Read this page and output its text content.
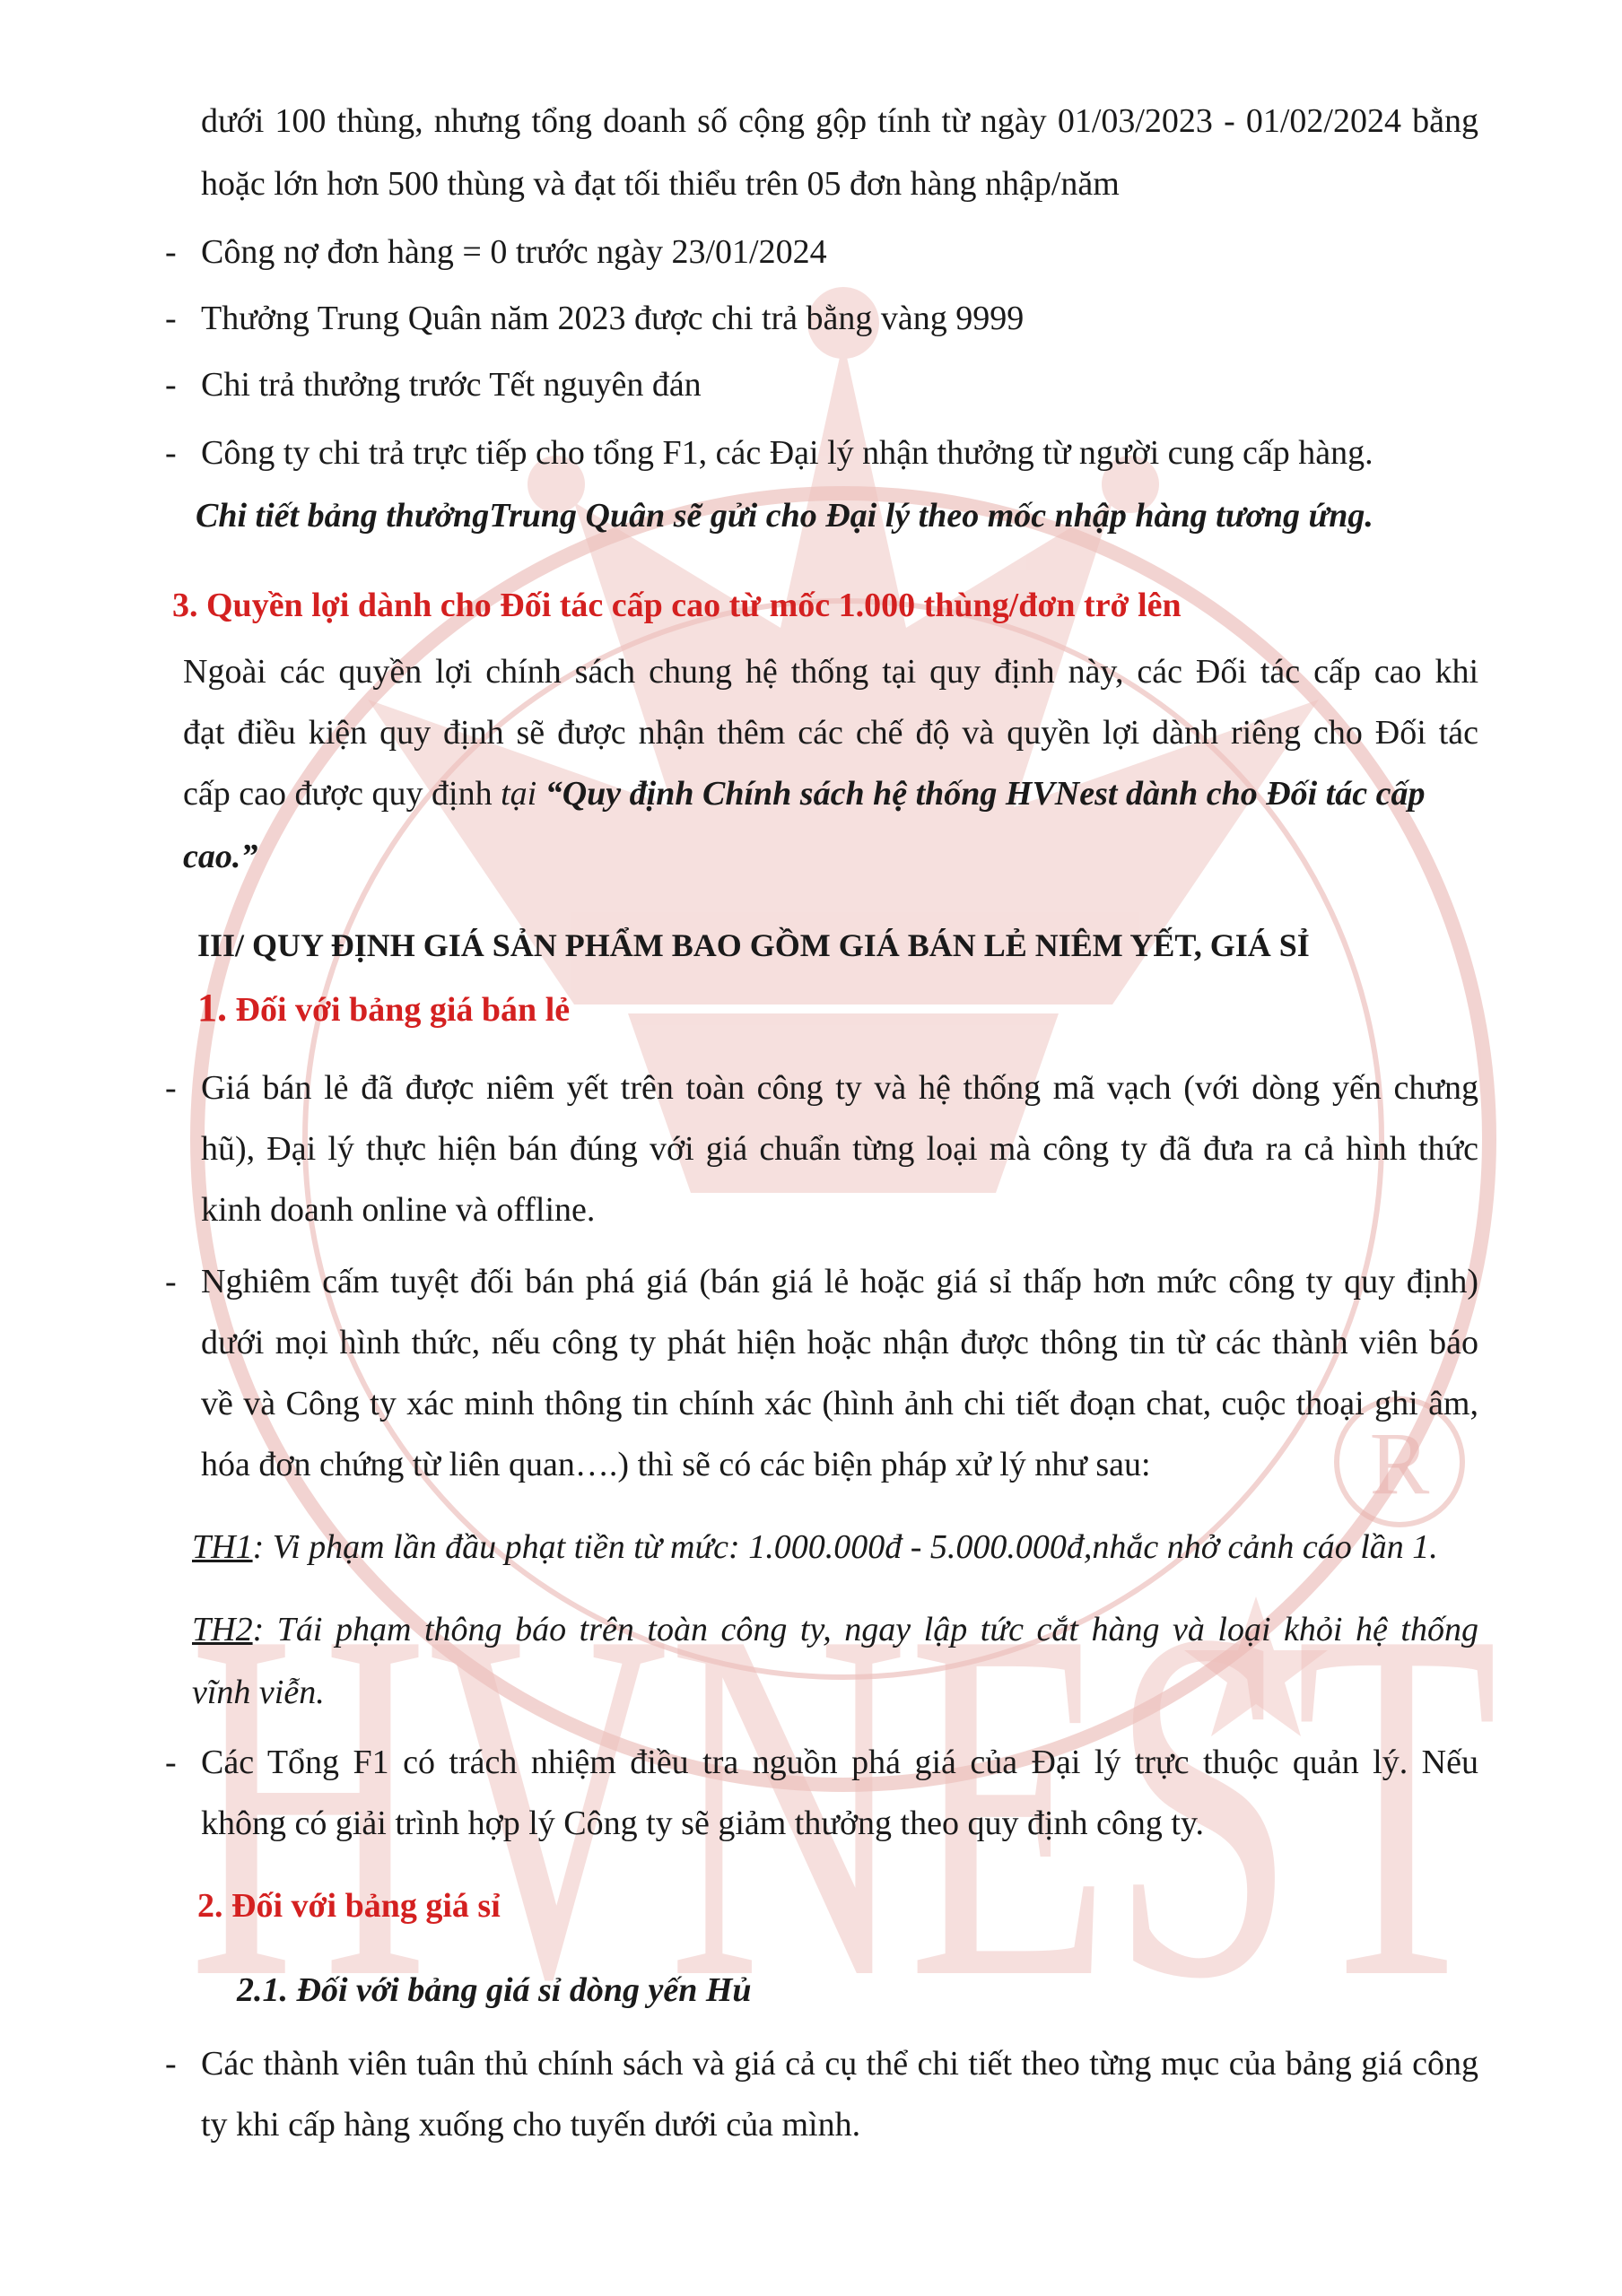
R
HVNEST
dưới 100 thùng, nhưng tổng doanh số cộng gộp tính từ ngày 01/03/2023 - 01/02/2024 bằng
hoặc lớn hơn 500 thùng và đạt tối thiểu trên 05 đơn hàng nhập/năm
- Công nợ đơn hàng = 0 trước ngày 23/01/2024
- Thưởng Trung Quân năm 2023 được chi trả bằng vàng 9999
- Chi trả thưởng trước Tết nguyên đán
- Công ty chi trả trực tiếp cho tổng F1, các Đại lý nhận thưởng từ người cung cấp hàng.
Chi tiết bảng thưởngTrung Quân sẽ gửi cho Đại lý theo mốc nhập hàng tương ứng.
3. Quyền lợi dành cho Đối tác cấp cao từ mốc 1.000 thùng/đơn trở lên
Ngoài các quyền lợi chính sách chung hệ thống tại quy định này, các Đối tác cấp cao khi
đạt điều kiện quy định sẽ được nhận thêm các chế độ và quyền lợi dành riêng cho Đối tác
cấp cao được quy định tại “Quy định Chính sách hệ thống HVNest dành cho Đối tác cấp
cao.”
III/ QUY ĐỊNH GIÁ SẢN PHẨM BAO GỒM GIÁ BÁN LẺ NIÊM YẾT, GIÁ SỈ
1. Đối với bảng giá bán lẻ
- Giá bán lẻ đã được niêm yết trên toàn công ty và hệ thống mã vạch (với dòng yến chưng
hũ), Đại lý thực hiện bán đúng với giá chuẩn từng loại mà công ty đã đưa ra cả hình thức
kinh doanh online và offline.
- Nghiêm cấm tuyệt đối bán phá giá (bán giá lẻ hoặc giá sỉ thấp hơn mức công ty quy định)
dưới mọi hình thức, nếu công ty phát hiện hoặc nhận được thông tin từ các thành viên báo
về và Công ty xác minh thông tin chính xác (hình ảnh chi tiết đoạn chat, cuộc thoại ghi âm,
hóa đơn chứng từ liên quan….) thì sẽ có các biện pháp xử lý như sau:
TH1: Vi phạm lần đầu phạt tiền từ mức: 1.000.000đ - 5.000.000đ,nhắc nhở cảnh cáo lần 1.
TH2: Tái phạm thông báo trên toàn công ty, ngay lập tức cắt hàng và loại khỏi hệ thống
vĩnh viễn.
- Các Tổng F1 có trách nhiệm điều tra nguồn phá giá của Đại lý trực thuộc quản lý. Nếu
không có giải trình hợp lý Công ty sẽ giảm thưởng theo quy định công ty.
2. Đối với bảng giá sỉ
2.1. Đối với bảng giá sỉ dòng yến Hủ
- Các thành viên tuân thủ chính sách và giá cả cụ thể chi tiết theo từng mục của bảng giá công
ty khi cấp hàng xuống cho tuyến dưới của mình.
